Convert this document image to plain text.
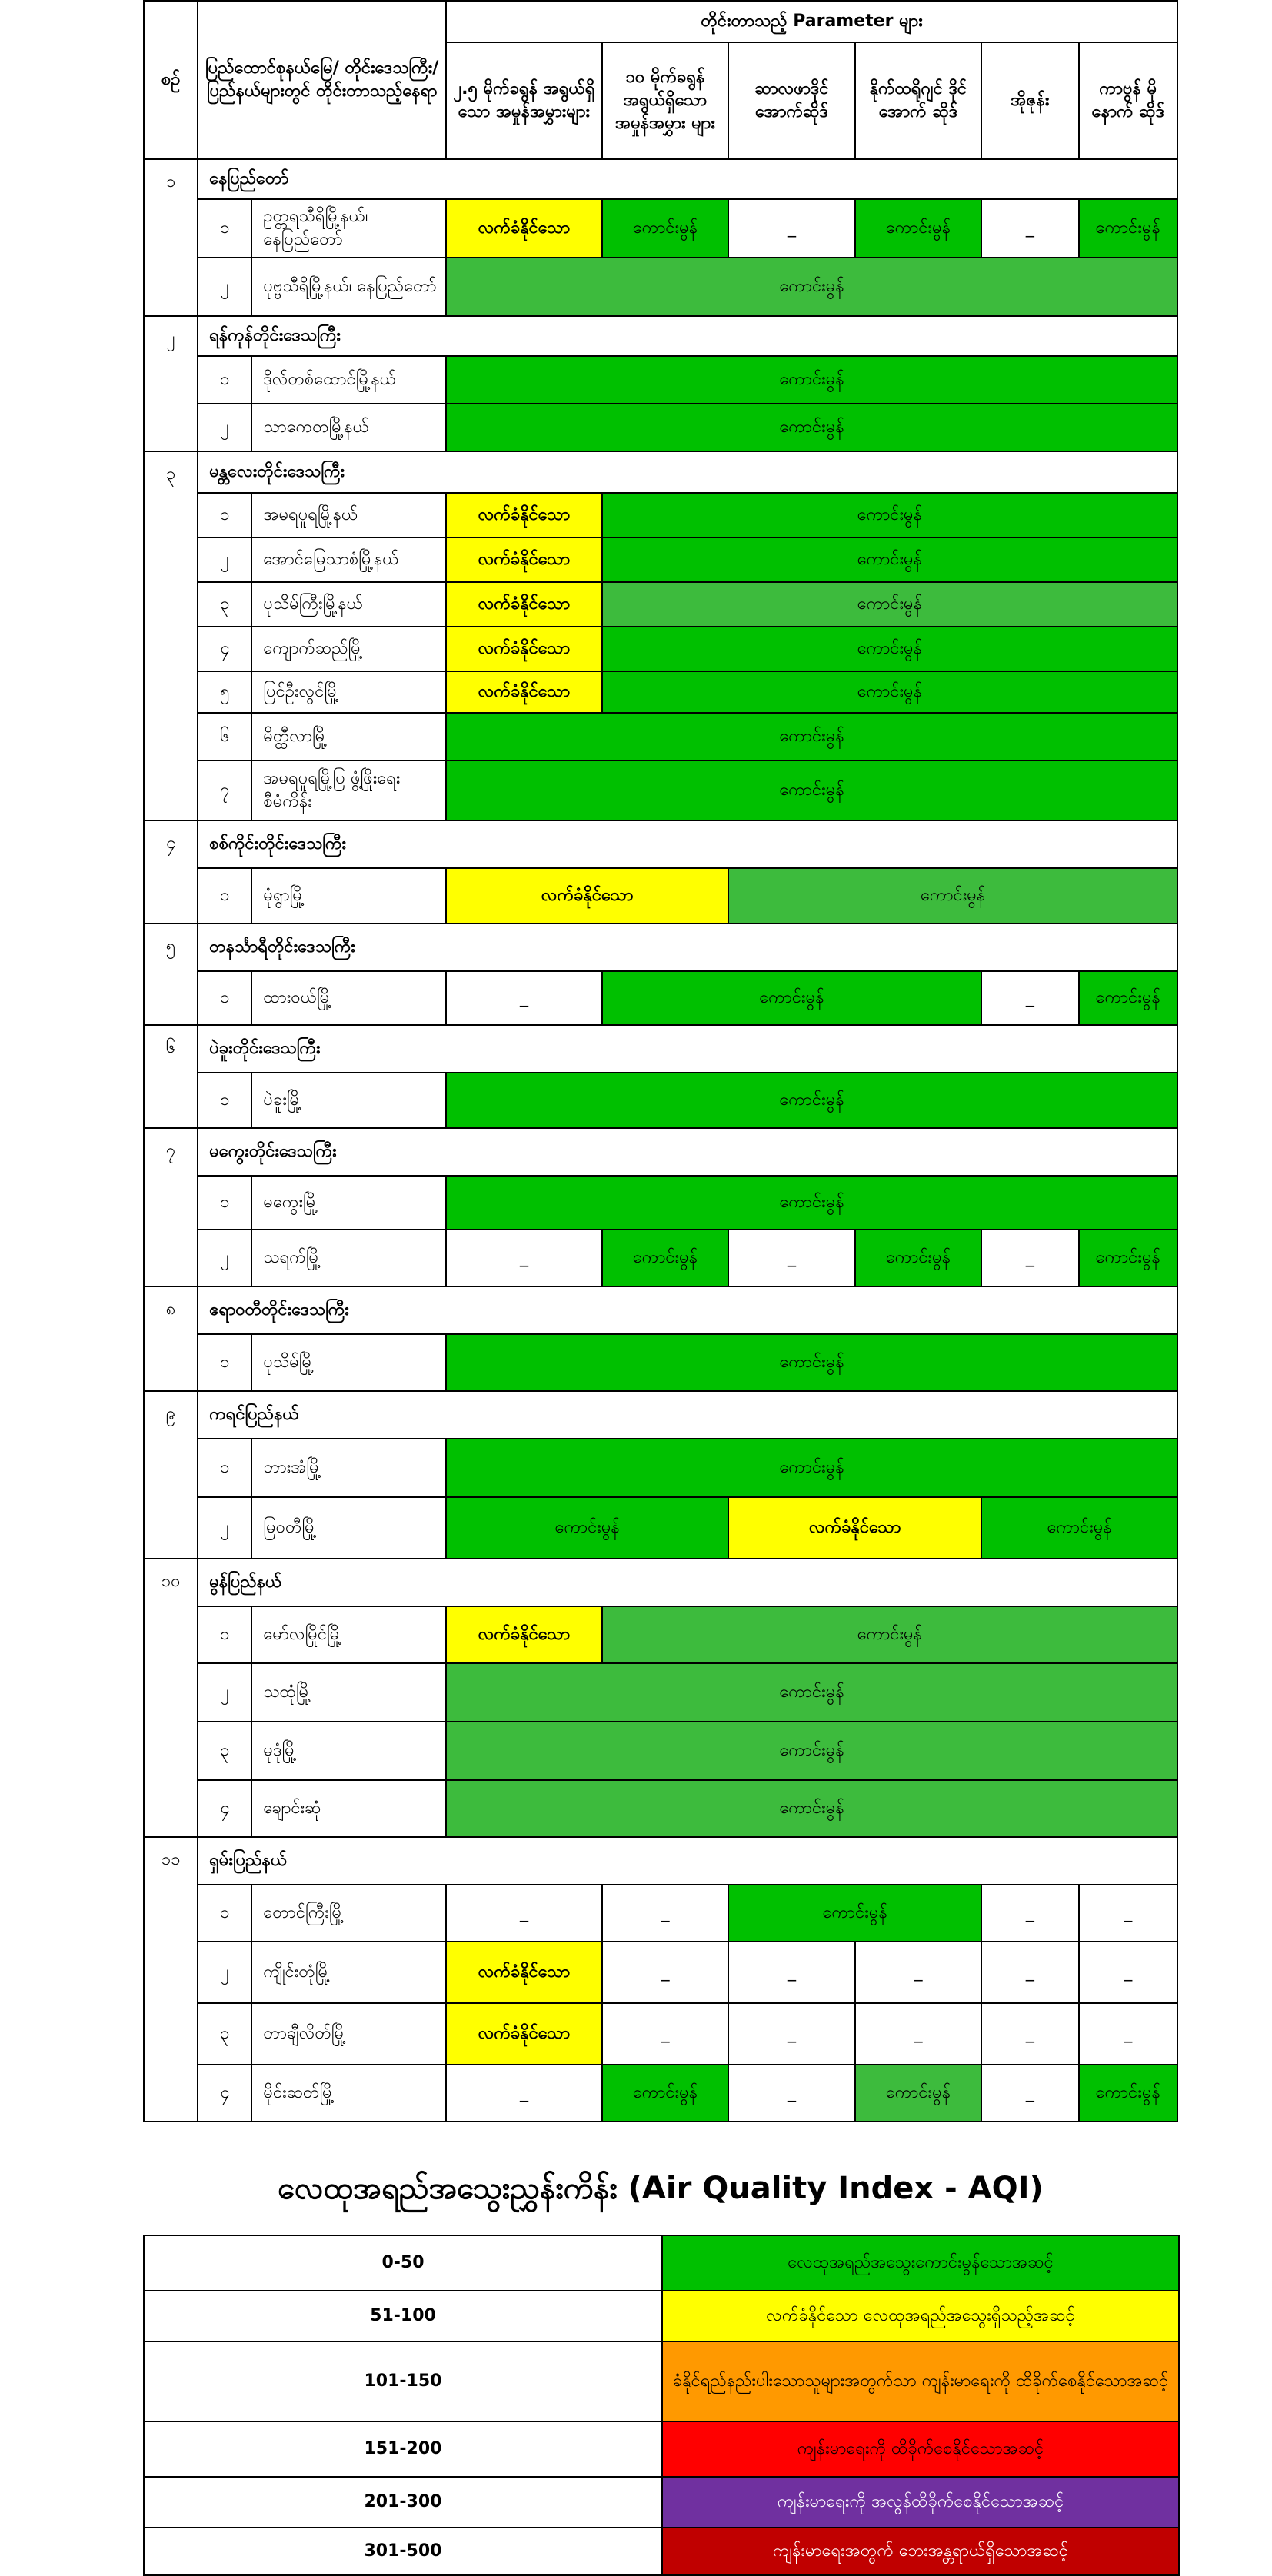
စဉ်	ပြည်ထောင်စုနယ်မြေ/ တိုင်းဒေသကြီး/ ပြည်နယ်များတွင် တိုင်းတာသည့်နေရာ		တိုင်းတာသည့် Parameter များ					
			၂.၅ မိုက်ခရွန် အရွယ်ရှိသော အမှုန်အမွှားများ	၁၀ မိုက်ခရွန် အရွယ်ရှိသော အမှုန်အမွှား များ	ဆာလဖာဒိုင် အောက်ဆိုဒ်	နိုက်ထရိုဂျင် ဒိုင်အောက် ဆိုဒ်	အိုဇုန်း	ကာဗွန် မိုနောက် ဆိုဒ်
၁	နေပြည်တော်							
	၁	ဥတ္တရသီရိမြို့နယ်၊ နေပြည်တော်	လက်ခံနိုင်သော	ကောင်းမွန်	_	ကောင်းမွန်	_	ကောင်းမွန်
	၂	ပုဗ္ဗသီရိမြို့နယ်၊ နေပြည်တော်	ကောင်းမွန်					
၂	ရန်ကုန်တိုင်းဒေသကြီး							
	၁	ဒိုလ်တစ်ထောင်မြို့နယ်	ကောင်းမွန်					
	၂	သာကေတမြို့နယ်	ကောင်းမွန်					
၃	မန္တလေးတိုင်းဒေသကြီး							
	၁	အမရပူရမြို့နယ်	လက်ခံနိုင်သော	ကောင်းမွန်				
	၂	အောင်မြေသာစံမြို့နယ်	လက်ခံနိုင်သော	ကောင်းမွန်				
	၃	ပုသိမ်ကြီးမြို့နယ်	လက်ခံနိုင်သော	ကောင်းမွန်				
	၄	ကျောက်ဆည်မြို့	လက်ခံနိုင်သော	ကောင်းမွန်				
	၅	ပြင်ဦးလွင်မြို့	လက်ခံနိုင်သော	ကောင်းမွန်				
	၆	မိတ္ထီလာမြို့	ကောင်းမွန်					
	၇	အမရပူရမြို့ပြ ဖွံ့ဖြိုးရေးစီမံကိန်း	ကောင်းမွန်					
၄	စစ်ကိုင်းတိုင်းဒေသကြီး							
	၁	မုံရွာမြို့	လက်ခံနိုင်သော		ကောင်းမွန်			
၅	တနင်္သာရီတိုင်းဒေသကြီး							
	၁	ထားဝယ်မြို့	_	ကောင်းမွန်			_	ကောင်းမွန်
၆	ပဲခူးတိုင်းဒေသကြီး							
	၁	ပဲခူးမြို့	ကောင်းမွန်					
၇	မကွေးတိုင်းဒေသကြီး							
	၁	မကွေးမြို့	ကောင်းမွန်					
	၂	သရက်မြို့	_	ကောင်းမွန်	_	ကောင်းမွန်	_	ကောင်းမွန်
၈	ဧရာဝတီတိုင်းဒေသကြီး							
	၁	ပုသိမ်မြို့	ကောင်းမွန်					
၉	ကရင်ပြည်နယ်							
	၁	ဘားအံမြို့	ကောင်းမွန်					
	၂	မြဝတီမြို့	ကောင်းမွန်		လက်ခံနိုင်သော		ကောင်းမွန်	
၁၀	မွန်ပြည်နယ်							
	၁	မော်လမြိုင်မြို့	လက်ခံနိုင်သော	ကောင်းမွန်				
	၂	သထုံမြို့	ကောင်းမွန်					
	၃	မုဒုံမြို့	ကောင်းမွန်					
	၄	ချောင်းဆုံ	ကောင်းမွန်					
၁၁	ရှမ်းပြည်နယ်							
	၁	တောင်ကြီးမြို့	_	_	ကောင်းမွန်		_	_
	၂	ကျိုင်းတုံမြို့	လက်ခံနိုင်သော	_	_	_	_	_
	၃	တာချီလိတ်မြို့	လက်ခံနိုင်သော	_	_	_	_	_
	၄	မိုင်းဆတ်မြို့	_	ကောင်းမွန်	_	ကောင်းမွန်	_	ကောင်းမွန်
လေထုအရည်အသွေးညွှန်းကိန်း (Air Quality Index - AQI)
0-50	လေထုအရည်အသွေးကောင်းမွန်သောအဆင့်
51-100	လက်ခံနိုင်သော လေထုအရည်အသွေးရှိသည့်အဆင့်
101-150	ခံနိုင်ရည်နည်းပါးသောသူများအတွက်သာ ကျန်းမာရေးကို ထိခိုက်စေနိုင်သောအဆင့်
151-200	ကျန်းမာရေးကို ထိခိုက်စေနိုင်သောအဆင့်
201-300	ကျန်းမာရေးကို အလွန်ထိခိုက်စေနိုင်သောအဆင့်
301-500	ကျန်းမာရေးအတွက် ဘေးအန္တရာယ်ရှိသောအဆင့်
